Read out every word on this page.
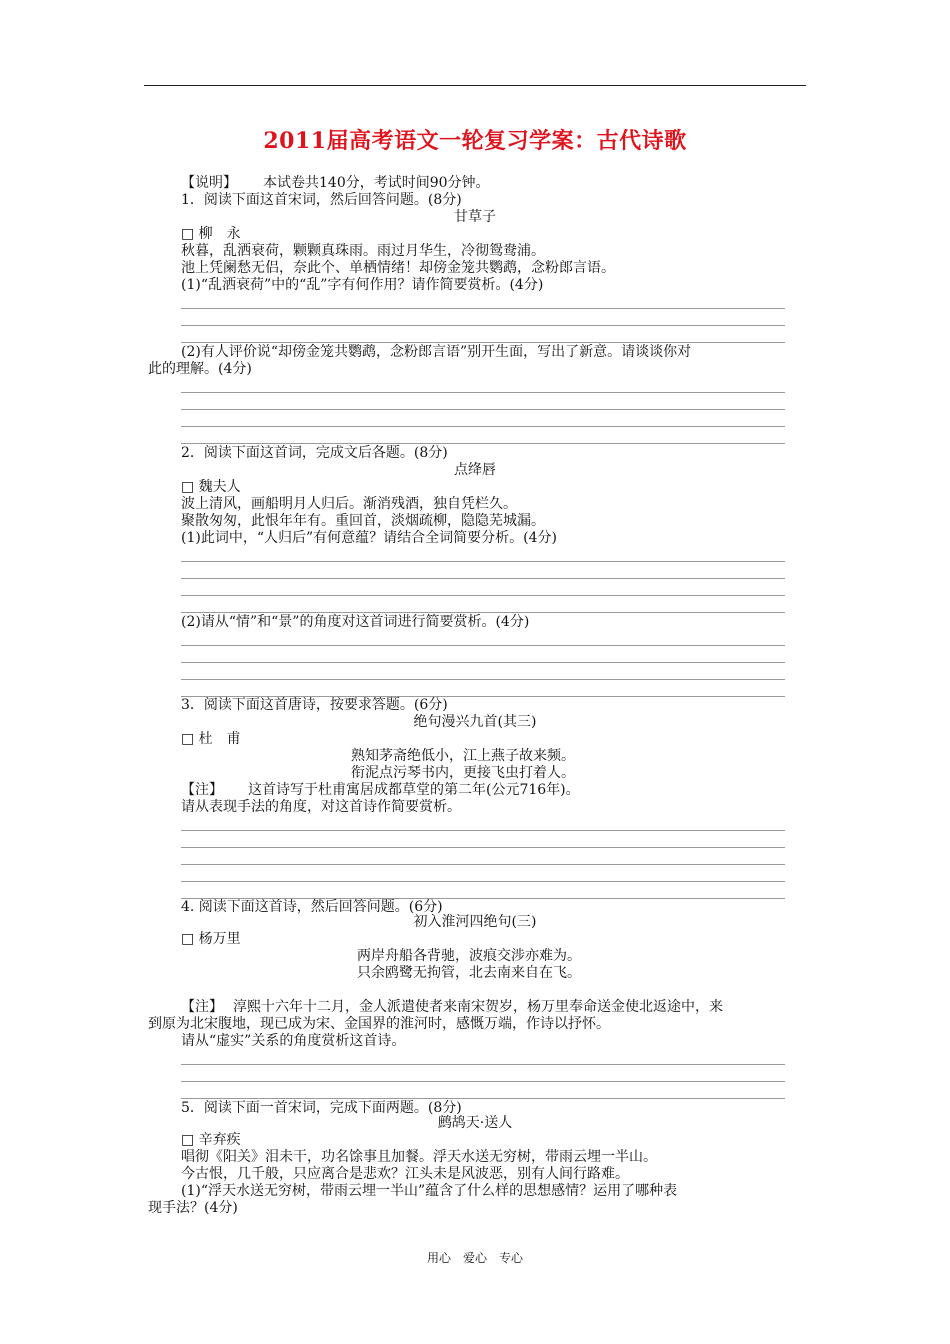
2011届高考语文一轮复习学案：古代诗歌
【说明】 本试卷共140分，考试时间90分钟。
1．阅读下面这首宋词，然后回答问题。(8分)
甘草子
□ 柳　永
秋暮，乱洒衰荷，颗颗真珠雨。雨过月华生，冷彻鸳鸯浦。
池上凭阑愁无侣，奈此个、单栖情绪！却傍金笼共鹦鹉，念粉郎言语。
(1)“乱洒衰荷”中的“乱”字有何作用？请作简要赏析。(4分)
(2)有人评价说“却傍金笼共鹦鹉，念粉郎言语”别开生面，写出了新意。请谈谈你对
此的理解。(4分)
2．阅读下面这首词，完成文后各题。(8分)
点绛唇
□ 魏夫人
波上清风，画船明月人归后。渐消残酒，独自凭栏久。
聚散匆匆，此恨年年有。重回首，淡烟疏柳，隐隐芜城漏。
(1)此词中，“人归后”有何意蕴？请结合全词简要分析。(4分)
(2)请从“情”和“景”的角度对这首词进行简要赏析。(4分)
3．阅读下面这首唐诗，按要求答题。(6分)
绝句漫兴九首(其三)
□ 杜　甫
熟知茅斋绝低小，江上燕子故来频。
衔泥点污琴书内，更接飞虫打着人。
【注】 这首诗写于杜甫寓居成都草堂的第二年(公元716年)。
请从表现手法的角度，对这首诗作简要赏析。
4. 阅读下面这首诗，然后回答问题。(6分)
初入淮河四绝句(三)
□ 杨万里
两岸舟船各背驰，波痕交涉亦难为。
只余鸥鹭无拘管，北去南来自在飞。
【注】 淳熙十六年十二月，金人派遣使者来南宋贺岁，杨万里奉命送金使北返途中，来
到原为北宋腹地，现已成为宋、金国界的淮河时，感慨万端，作诗以抒怀。
请从“虚实”关系的角度赏析这首诗。
5．阅读下面一首宋词，完成下面两题。(8分)
鹧鸪天·送人
□ 辛弃疾
唱彻《阳关》泪未干，功名馀事且加餐。浮天水送无穷树，带雨云埋一半山。
今古恨，几千般，只应离合是悲欢？江头未是风波恶，别有人间行路难。
(1)“浮天水送无穷树，带雨云埋一半山”蕴含了什么样的思想感情？运用了哪种表
现手法？(4分)
用心　爱心　专心
